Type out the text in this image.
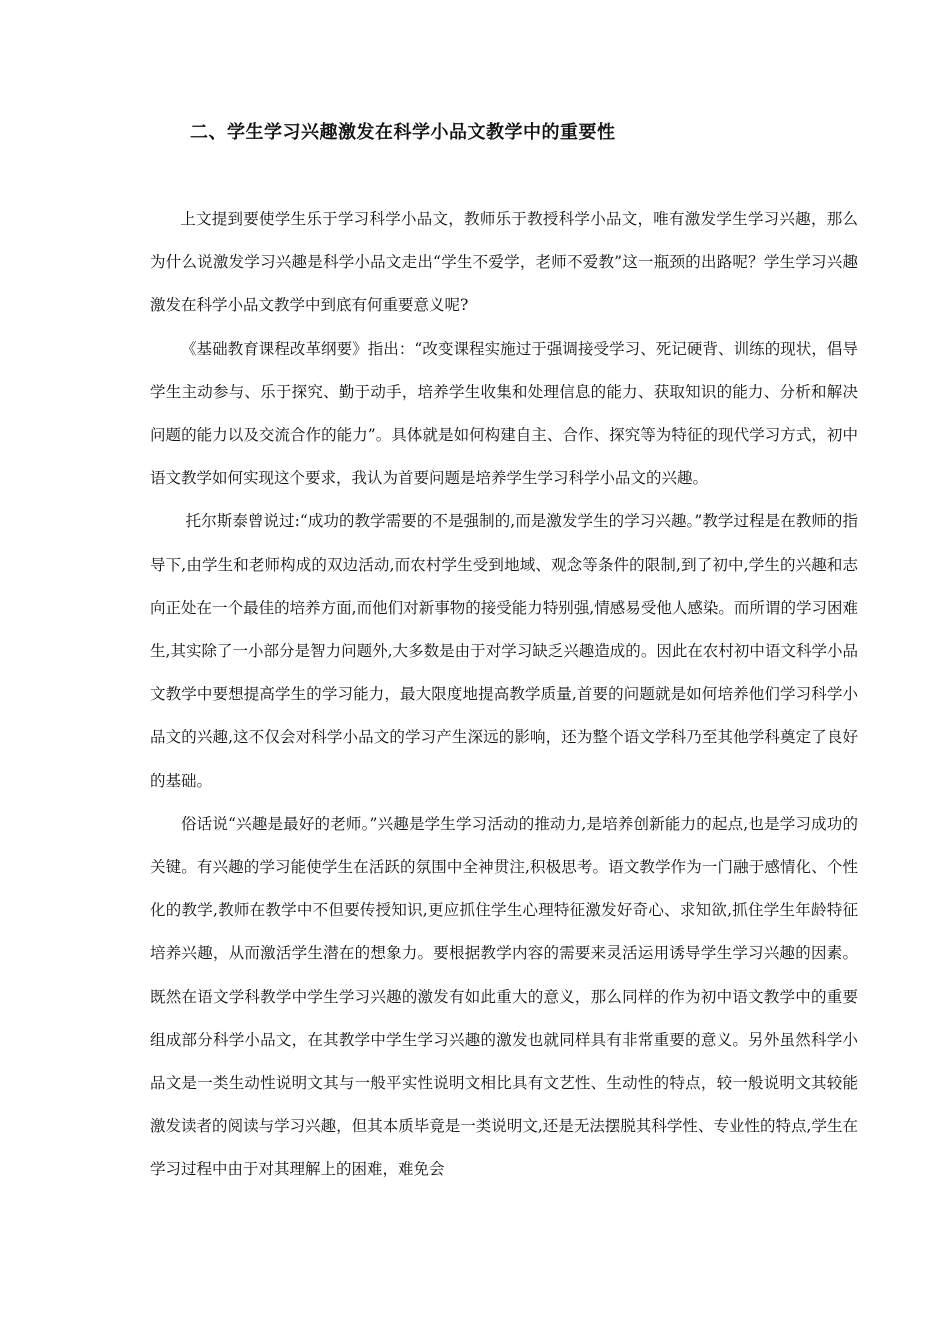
二、学生学习兴趣激发在科学小品文教学中的重要性

上文提到要使学生乐于学习科学小品文，教师乐于教授科学小品文，唯有激发学生学习兴趣，那么为什么说激发学习兴趣是科学小品文走出“学生不爱学，老师不爱教”这一瓶颈的出路呢？学生学习兴趣激发在科学小品文教学中到底有何重要意义呢?

《基础教育课程改革纲要》指出：“改变课程实施过于强调接受学习、死记硬背、训练的现状，倡导学生主动参与、乐于探究、勤于动手，培养学生收集和处理信息的能力、获取知识的能力、分析和解决问题的能力以及交流合作的能力”。具体就是如何构建自主、合作、探究等为特征的现代学习方式，初中语文教学如何实现这个要求，我认为首要问题是培养学生学习科学小品文的兴趣。

托尔斯泰曾说过:“成功的教学需要的不是强制的,而是激发学生的学习兴趣。”教学过程是在教师的指导下,由学生和老师构成的双边活动,而农村学生受到地域、观念等条件的限制,到了初中,学生的兴趣和志向正处在一个最佳的培养方面,而他们对新事物的接受能力特别强,情感易受他人感染。而所谓的学习困难生,其实除了一小部分是智力问题外,大多数是由于对学习缺乏兴趣造成的。因此在农村初中语文科学小品文教学中要想提高学生的学习能力，最大限度地提高教学质量,首要的问题就是如何培养他们学习科学小品文的兴趣,这不仅会对科学小品文的学习产生深远的影响，还为整个语文学科乃至其他学科奠定了良好的基础。

俗话说“兴趣是最好的老师。”兴趣是学生学习活动的推动力,是培养创新能力的起点,也是学习成功的关键。有兴趣的学习能使学生在活跃的氛围中全神贯注,积极思考。语文教学作为一门融于感情化、个性化的教学,教师在教学中不但要传授知识,更应抓住学生心理特征激发好奇心、求知欲,抓住学生年龄特征培养兴趣，从而激活学生潜在的想象力。要根据教学内容的需要来灵活运用诱导学生学习兴趣的因素。既然在语文学科教学中学生学习兴趣的激发有如此重大的意义，那么同样的作为初中语文教学中的重要组成部分科学小品文，在其教学中学生学习兴趣的激发也就同样具有非常重要的意义。另外虽然科学小品文是一类生动性说明文其与一般平实性说明文相比具有文艺性、生动性的特点，较一般说明文其较能激发读者的阅读与学习兴趣，但其本质毕竟是一类说明文,还是无法摆脱其科学性、专业性的特点,学生在学习过程中由于对其理解上的困难，难免会
